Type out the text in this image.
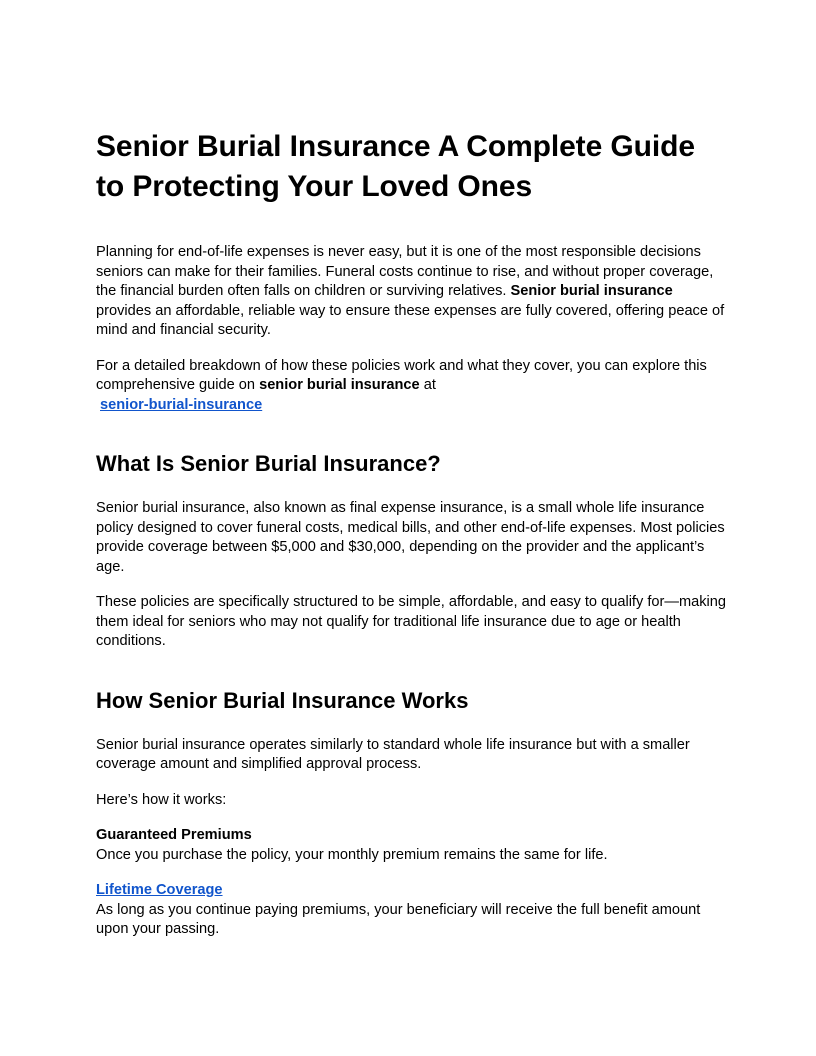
Senior Burial Insurance A Complete Guide to Protecting Your Loved Ones

Planning for end-of-life expenses is never easy, but it is one of the most responsible decisions seniors can make for their families. Funeral costs continue to rise, and without proper coverage, the financial burden often falls on children or surviving relatives. Senior burial insurance provides an affordable, reliable way to ensure these expenses are fully covered, offering peace of mind and financial security.

For a detailed breakdown of how these policies work and what they cover, you can explore this comprehensive guide on senior burial insurance at
senior-burial-insurance

What Is Senior Burial Insurance?

Senior burial insurance, also known as final expense insurance, is a small whole life insurance policy designed to cover funeral costs, medical bills, and other end-of-life expenses. Most policies provide coverage between $5,000 and $30,000, depending on the provider and the applicant’s age.

These policies are specifically structured to be simple, affordable, and easy to qualify for—making them ideal for seniors who may not qualify for traditional life insurance due to age or health conditions.

How Senior Burial Insurance Works

Senior burial insurance operates similarly to standard whole life insurance but with a smaller coverage amount and simplified approval process.

Here’s how it works:

Guaranteed Premiums
Once you purchase the policy, your monthly premium remains the same for life.

Lifetime Coverage
As long as you continue paying premiums, your beneficiary will receive the full benefit amount upon your passing.
